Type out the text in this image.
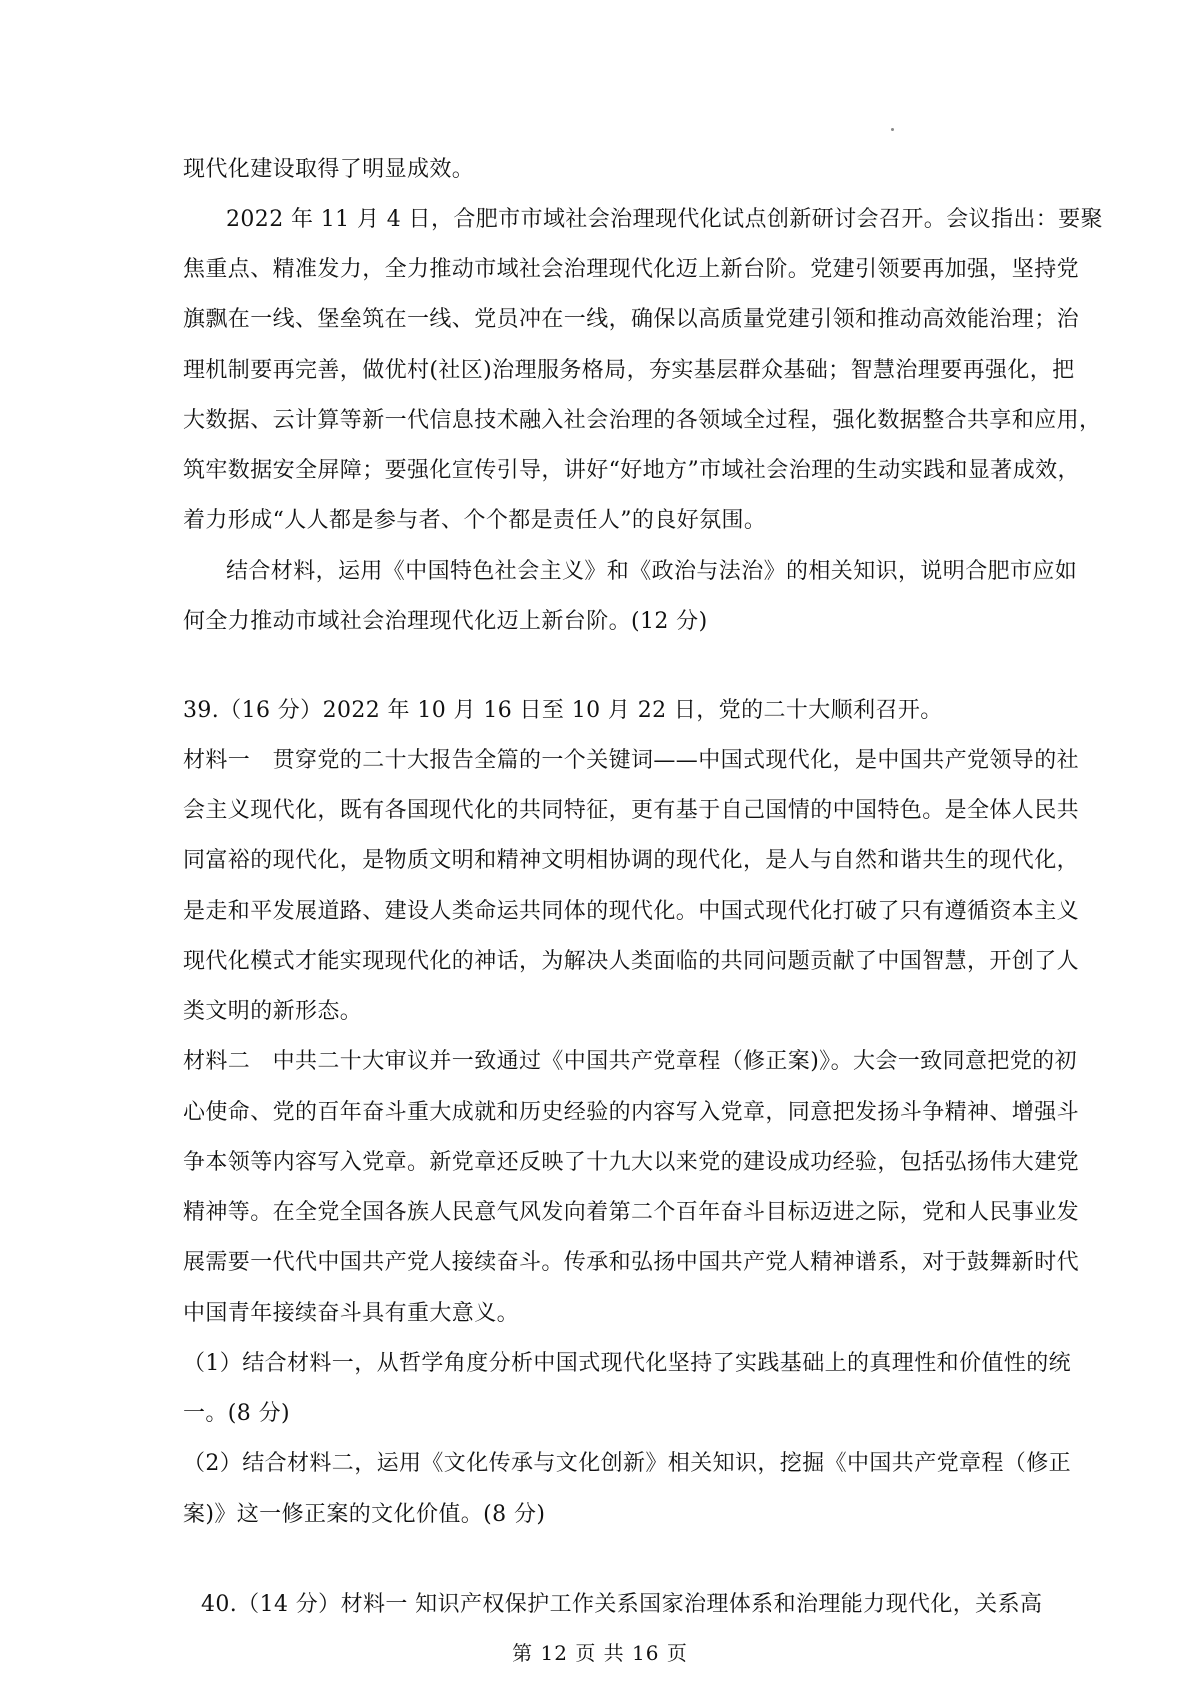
现代化建设取得了明显成效。
2022 年 11 月 4 日，合肥市市域社会治理现代化试点创新研讨会召开。会议指出：要聚
焦重点、精准发力，全力推动市域社会治理现代化迈上新台阶。党建引领要再加强，坚持党
旗飘在一线、堡垒筑在一线、党员冲在一线，确保以高质量党建引领和推动高效能治理；治
理机制要再完善，做优村(社区)治理服务格局，夯实基层群众基础；智慧治理要再强化，把
大数据、云计算等新一代信息技术融入社会治理的各领域全过程，强化数据整合共享和应用，
筑牢数据安全屏障；要强化宣传引导，讲好“好地方”市域社会治理的生动实践和显著成效，
着力形成“人人都是参与者、个个都是责任人”的良好氛围。
结合材料，运用《中国特色社会主义》和《政治与法治》的相关知识，说明合肥市应如
何全力推动市域社会治理现代化迈上新台阶。(12 分)
39.（16 分）2022 年 10 月 16 日至 10 月 22 日，党的二十大顺利召开。
材料一　贯穿党的二十大报告全篇的一个关键词——中国式现代化，是中国共产党领导的社
会主义现代化，既有各国现代化的共同特征，更有基于自己国情的中国特色。是全体人民共
同富裕的现代化，是物质文明和精神文明相协调的现代化，是人与自然和谐共生的现代化，
是走和平发展道路、建设人类命运共同体的现代化。中国式现代化打破了只有遵循资本主义
现代化模式才能实现现代化的神话，为解决人类面临的共同问题贡献了中国智慧，开创了人
类文明的新形态。
材料二　中共二十大审议并一致通过《中国共产党章程（修正案)》。大会一致同意把党的初
心使命、党的百年奋斗重大成就和历史经验的内容写入党章，同意把发扬斗争精神、增强斗
争本领等内容写入党章。新党章还反映了十九大以来党的建设成功经验，包括弘扬伟大建党
精神等。在全党全国各族人民意气风发向着第二个百年奋斗目标迈进之际，党和人民事业发
展需要一代代中国共产党人接续奋斗。传承和弘扬中国共产党人精神谱系，对于鼓舞新时代
中国青年接续奋斗具有重大意义。
（1）结合材料一，从哲学角度分析中国式现代化坚持了实践基础上的真理性和价值性的统
一。(8 分)
（2）结合材料二，运用《文化传承与文化创新》相关知识，挖掘《中国共产党章程（修正
案)》这一修正案的文化价值。(8 分)
40.（14 分）材料一 知识产权保护工作关系国家治理体系和治理能力现代化，关系高
第 12 页 共 16 页
